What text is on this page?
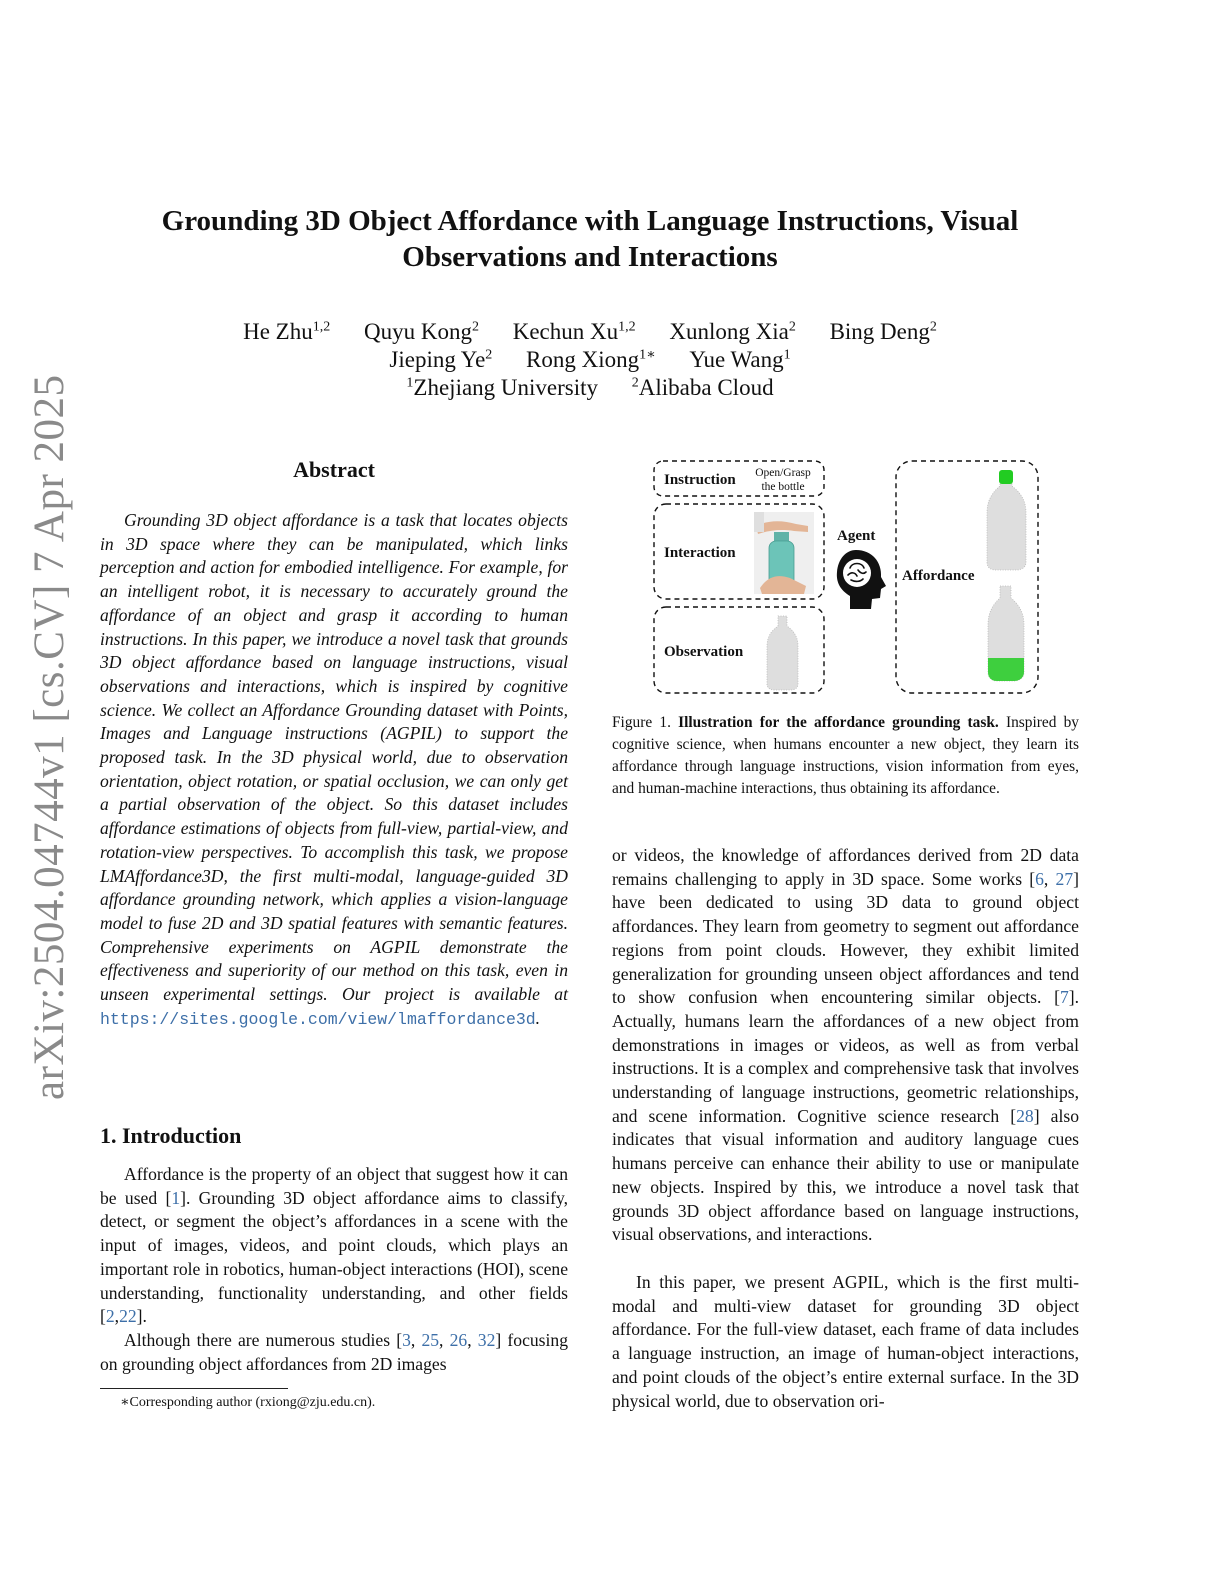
arXiv:2504.04744v1 [cs.CV] 7 Apr 2025
Grounding 3D Object Affordance with Language Instructions, Visual Observations and Interactions
He Zhu$^{1,2}$ Quyu Kong$^2$ Kechun Xu$^{1,2}$ Xunlong Xia$^2$ Bing Deng$^2$
Jieping Ye$^2$ Rong Xiong$^{1∗}$ Yue Wang$^1$
$^1$Zhejiang University $^2$Alibaba Cloud
Abstract
Grounding 3D object affordance is a task that locates objects in 3D space where they can be manipulated, which links perception and action for embodied intelligence. For example, for an intelligent robot, it is necessary to accurately ground the affordance of an object and grasp it according to human instructions. In this paper, we introduce a novel task that grounds 3D object affordance based on language instructions, visual observations and interactions, which is inspired by cognitive science. We collect an Affordance Grounding dataset with Points, Images and Language instructions (AGPIL) to support the proposed task. In the 3D physical world, due to observation orientation, object rotation, or spatial occlusion, we can only get a partial observation of the object. So this dataset includes affordance estimations of objects from full-view, partial-view, and rotation-view perspectives. To accomplish this task, we propose LMAffordance3D, the first multi-modal, language-guided 3D affordance grounding network, which applies a vision-language model to fuse 2D and 3D spatial features with semantic features. Comprehensive experiments on AGPIL demonstrate the effectiveness and superiority of our method on this task, even in unseen experimental settings. Our project is available at https://sites.google.com/view/lmaffordance3d.
1. Introduction
Affordance is the property of an object that suggest how it can be used [1]. Grounding 3D object affordance aims to classify, detect, or segment the object’s affordances in a scene with the input of images, videos, and point clouds, which plays an important role in robotics, human-object interactions (HOI), scene understanding, functionality understanding, and other fields [2,22].
Although there are numerous studies [3, 25, 26, 32] focusing on grounding object affordances from 2D images
∗Corresponding author (rxiong@zju.edu.cn).
Instruction
Interaction
Observation
Agent
Affordance
Open/Grasp
the bottle
Figure 1. Illustration for the affordance grounding task. Inspired by cognitive science, when humans encounter a new object, they learn its affordance through language instructions, vision information from eyes, and human-machine interactions, thus obtaining its affordance.
or videos, the knowledge of affordances derived from 2D data remains challenging to apply in 3D space. Some works [6, 27] have been dedicated to using 3D data to ground object affordances. They learn from geometry to segment out affordance regions from point clouds. However, they exhibit limited generalization for grounding unseen object affordances and tend to show confusion when encountering similar objects. [7]. Actually, humans learn the affordances of a new object from demonstrations in images or videos, as well as from verbal instructions. It is a complex and comprehensive task that involves understanding of language instructions, geometric relationships, and scene information. Cognitive science research [28] also indicates that visual information and auditory language cues humans perceive can enhance their ability to use or manipulate new objects. Inspired by this, we introduce a novel task that grounds 3D object affordance based on language instructions, visual observations, and interactions.
In this paper, we present AGPIL, which is the first multi-modal and multi-view dataset for grounding 3D object affordance. For the full-view dataset, each frame of data includes a language instruction, an image of human-object interactions, and point clouds of the object’s entire external surface. In the 3D physical world, due to observation ori-
